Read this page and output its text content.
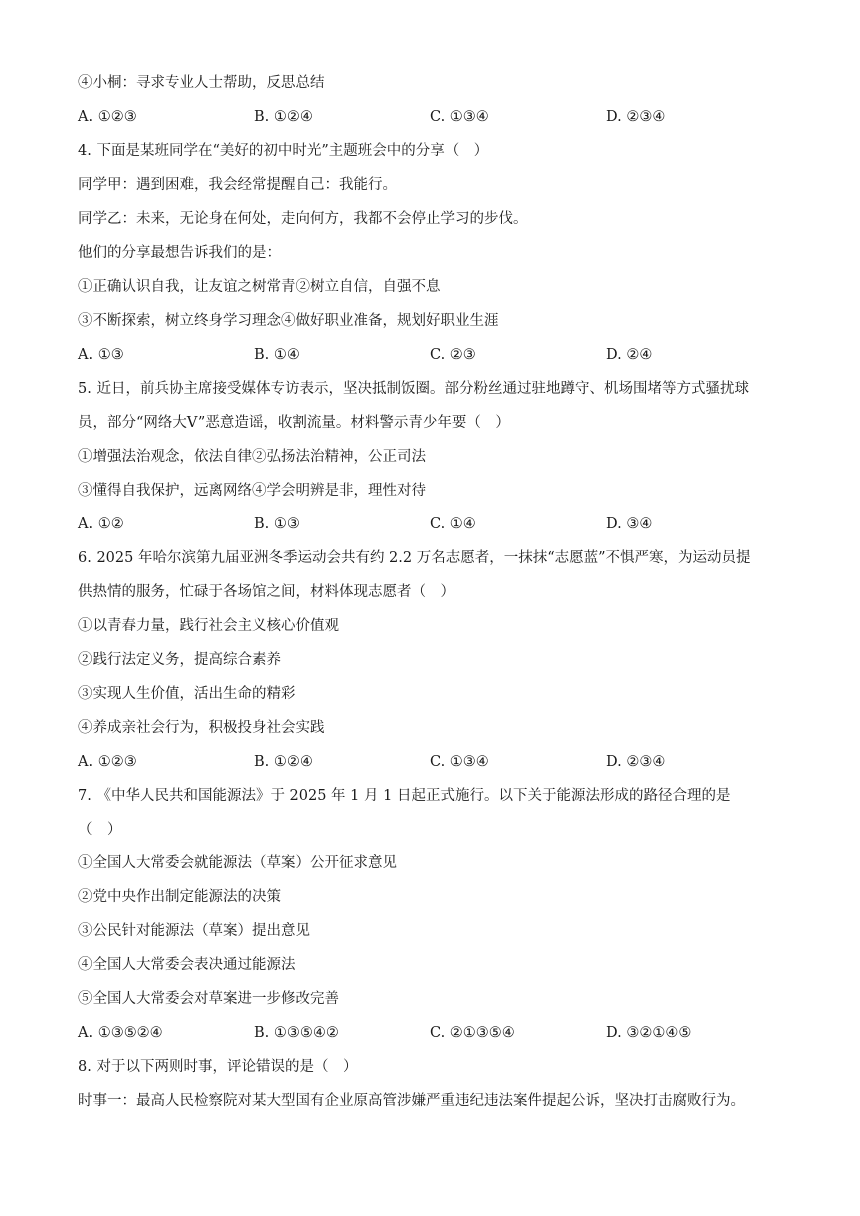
④小桐：寻求专业人士帮助，反思总结
A. ①②③	B. ①②④	C. ①③④	D. ②③④
4. 下面是某班同学在“美好的初中时光”主题班会中的分享（　）
同学甲：遇到困难，我会经常提醒自己：我能行。
同学乙：未来，无论身在何处，走向何方，我都不会停止学习的步伐。
他们的分享最想告诉我们的是：
①正确认识自我，让友谊之树常青②树立自信，自强不息
③不断探索，树立终身学习理念④做好职业准备，规划好职业生涯
A. ①③	B. ①④	C. ②③	D. ②④
5. 近日，前兵协主席接受媒体专访表示，坚决抵制饭圈。部分粉丝通过驻地蹲守、机场围堵等方式骚扰球
员，部分“网络大V”恶意造谣，收割流量。材料警示青少年要（　）
①增强法治观念，依法自律②弘扬法治精神，公正司法
③懂得自我保护，远离网络④学会明辨是非，理性对待
A. ①②	B. ①③	C. ①④	D. ③④
6. 2025 年哈尔滨第九届亚洲冬季运动会共有约 2.2 万名志愿者，一抹抹“志愿蓝”不惧严寒，为运动员提
供热情的服务，忙碌于各场馆之间，材料体现志愿者（　）
①以青春力量，践行社会主义核心价值观
②践行法定义务，提高综合素养
③实现人生价值，活出生命的精彩
④养成亲社会行为，积极投身社会实践
A. ①②③	B. ①②④	C. ①③④	D. ②③④
7. 《中华人民共和国能源法》于 2025 年 1 月 1 日起正式施行。以下关于能源法形成的路径合理的是
（　）
①全国人大常委会就能源法（草案）公开征求意见
②党中央作出制定能源法的决策
③公民针对能源法（草案）提出意见
④全国人大常委会表决通过能源法
⑤全国人大常委会对草案进一步修改完善
A. ①③⑤②④	B. ①③⑤④②	C. ②①③⑤④	D. ③②①④⑤
8. 对于以下两则时事，评论错误的是（　）
时事一：最高人民检察院对某大型国有企业原高管涉嫌严重违纪违法案件提起公诉，坚决打击腐败行为。
